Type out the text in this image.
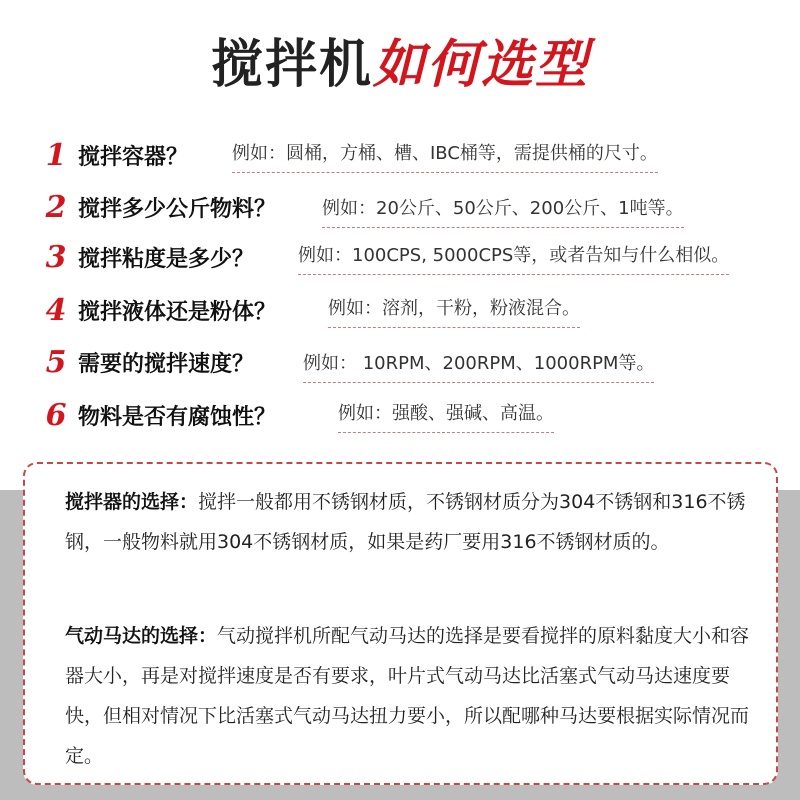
搅拌机如何选型
1 搅拌容器？ 例如：圆桶，方桶、槽、IBC桶等，需提供桶的尺寸。
2 搅拌多少公斤物料？	例如：20公斤、50公斤、200公斤、1吨等。
3 搅拌粘度是多少？ 例如：100CPS, 5000CPS等，或者告知与什么相似。
4 搅拌液体还是粉体？	例如：溶剂，干粉，粉液混合。
5 需要的搅拌速度？	例如： 10RPM、200RPM、1000RPM等。
6 物料是否有腐蚀性？	例如：强酸、强碱、高温。

搅拌器的选择：搅拌一般都用不锈钢材质，不锈钢材质分为304不锈钢和316不锈钢，一般物料就用304不锈钢材质，如果是药厂要用316不锈钢材质的。

气动马达的选择：气动搅拌机所配气动马达的选择是要看搅拌的原料黏度大小和容器大小，再是对搅拌速度是否有要求，叶片式气动马达比活塞式气动马达速度要快，但相对情况下比活塞式气动马达扭力要小，所以配哪种马达要根据实际情况而定。
